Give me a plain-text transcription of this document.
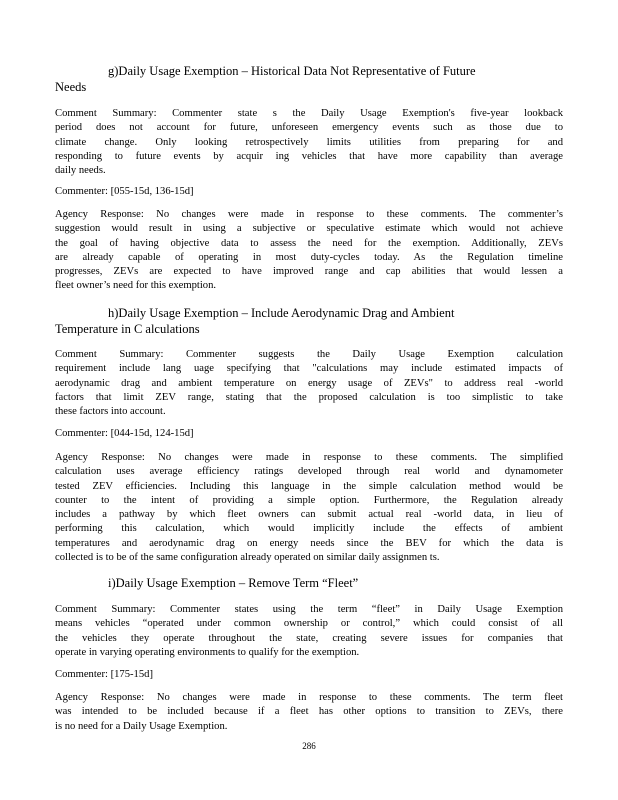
g)Daily Usage Exemption – Historical Data Not Representative of Future
Needs

Comment Summary: Commenter state s the Daily Usage Exemption's five-year lookback

period does not account for future, unforeseen emergency events such as those due to

climate change. Only looking retrospectively limits utilities from preparing for and

responding to future events by acquir ing vehicles that have more capability than average

daily needs.

Commenter: [055-15d, 136-15d]

Agency Response: No changes were made in response to these comments. The commenter’s

suggestion would result in using a subjective or speculative estimate which would not achieve

the goal of having objective data to assess the need for the exemption. Additionally, ZEVs

are already capable of operating in most duty-cycles today. As the Regulation timeline

progresses, ZEVs are expected to have improved range and cap abilities that would lessen a

fleet owner’s need for this exemption.

h)Daily Usage Exemption – Include Aerodynamic Drag and Ambient
Temperature in C alculations

Comment Summary: Commenter suggests the Daily Usage Exemption calculation

requirement include lang uage specifying that "calculations may include estimated impacts of

aerodynamic drag and ambient temperature on energy usage of ZEVs" to address real -world

factors that limit ZEV range, stating that the proposed calculation is too simplistic to take

these factors into account.

Commenter: [044-15d, 124-15d]

Agency Response: No changes were made in response to these comments. The simplified

calculation uses average efficiency ratings developed through real world and dynamometer

tested ZEV efficiencies. Including this language in the simple calculation method would be

counter to the intent of providing a simple option. Furthermore, the Regulation already

includes a pathway by which fleet owners can submit actual real -world data, in lieu of

performing this calculation, which would implicitly include the effects of ambient

temperatures and aerodynamic drag on energy needs since the BEV for which the data is

collected is to be of the same configuration already operated on similar daily assignmen ts.

i)Daily Usage Exemption – Remove Term “Fleet”

Comment Summary: Commenter states using the term “fleet” in Daily Usage Exemption

means vehicles “operated under common ownership or control,” which could consist of all

the vehicles they operate throughout the state, creating severe issues for companies that

operate in varying operating environments to qualify for the exemption.

Commenter: [175-15d]

Agency Response: No changes were made in response to these comments. The term fleet

was intended to be included because if a fleet has other options to transition to ZEVs, there

is no need for a Daily Usage Exemption.

286
